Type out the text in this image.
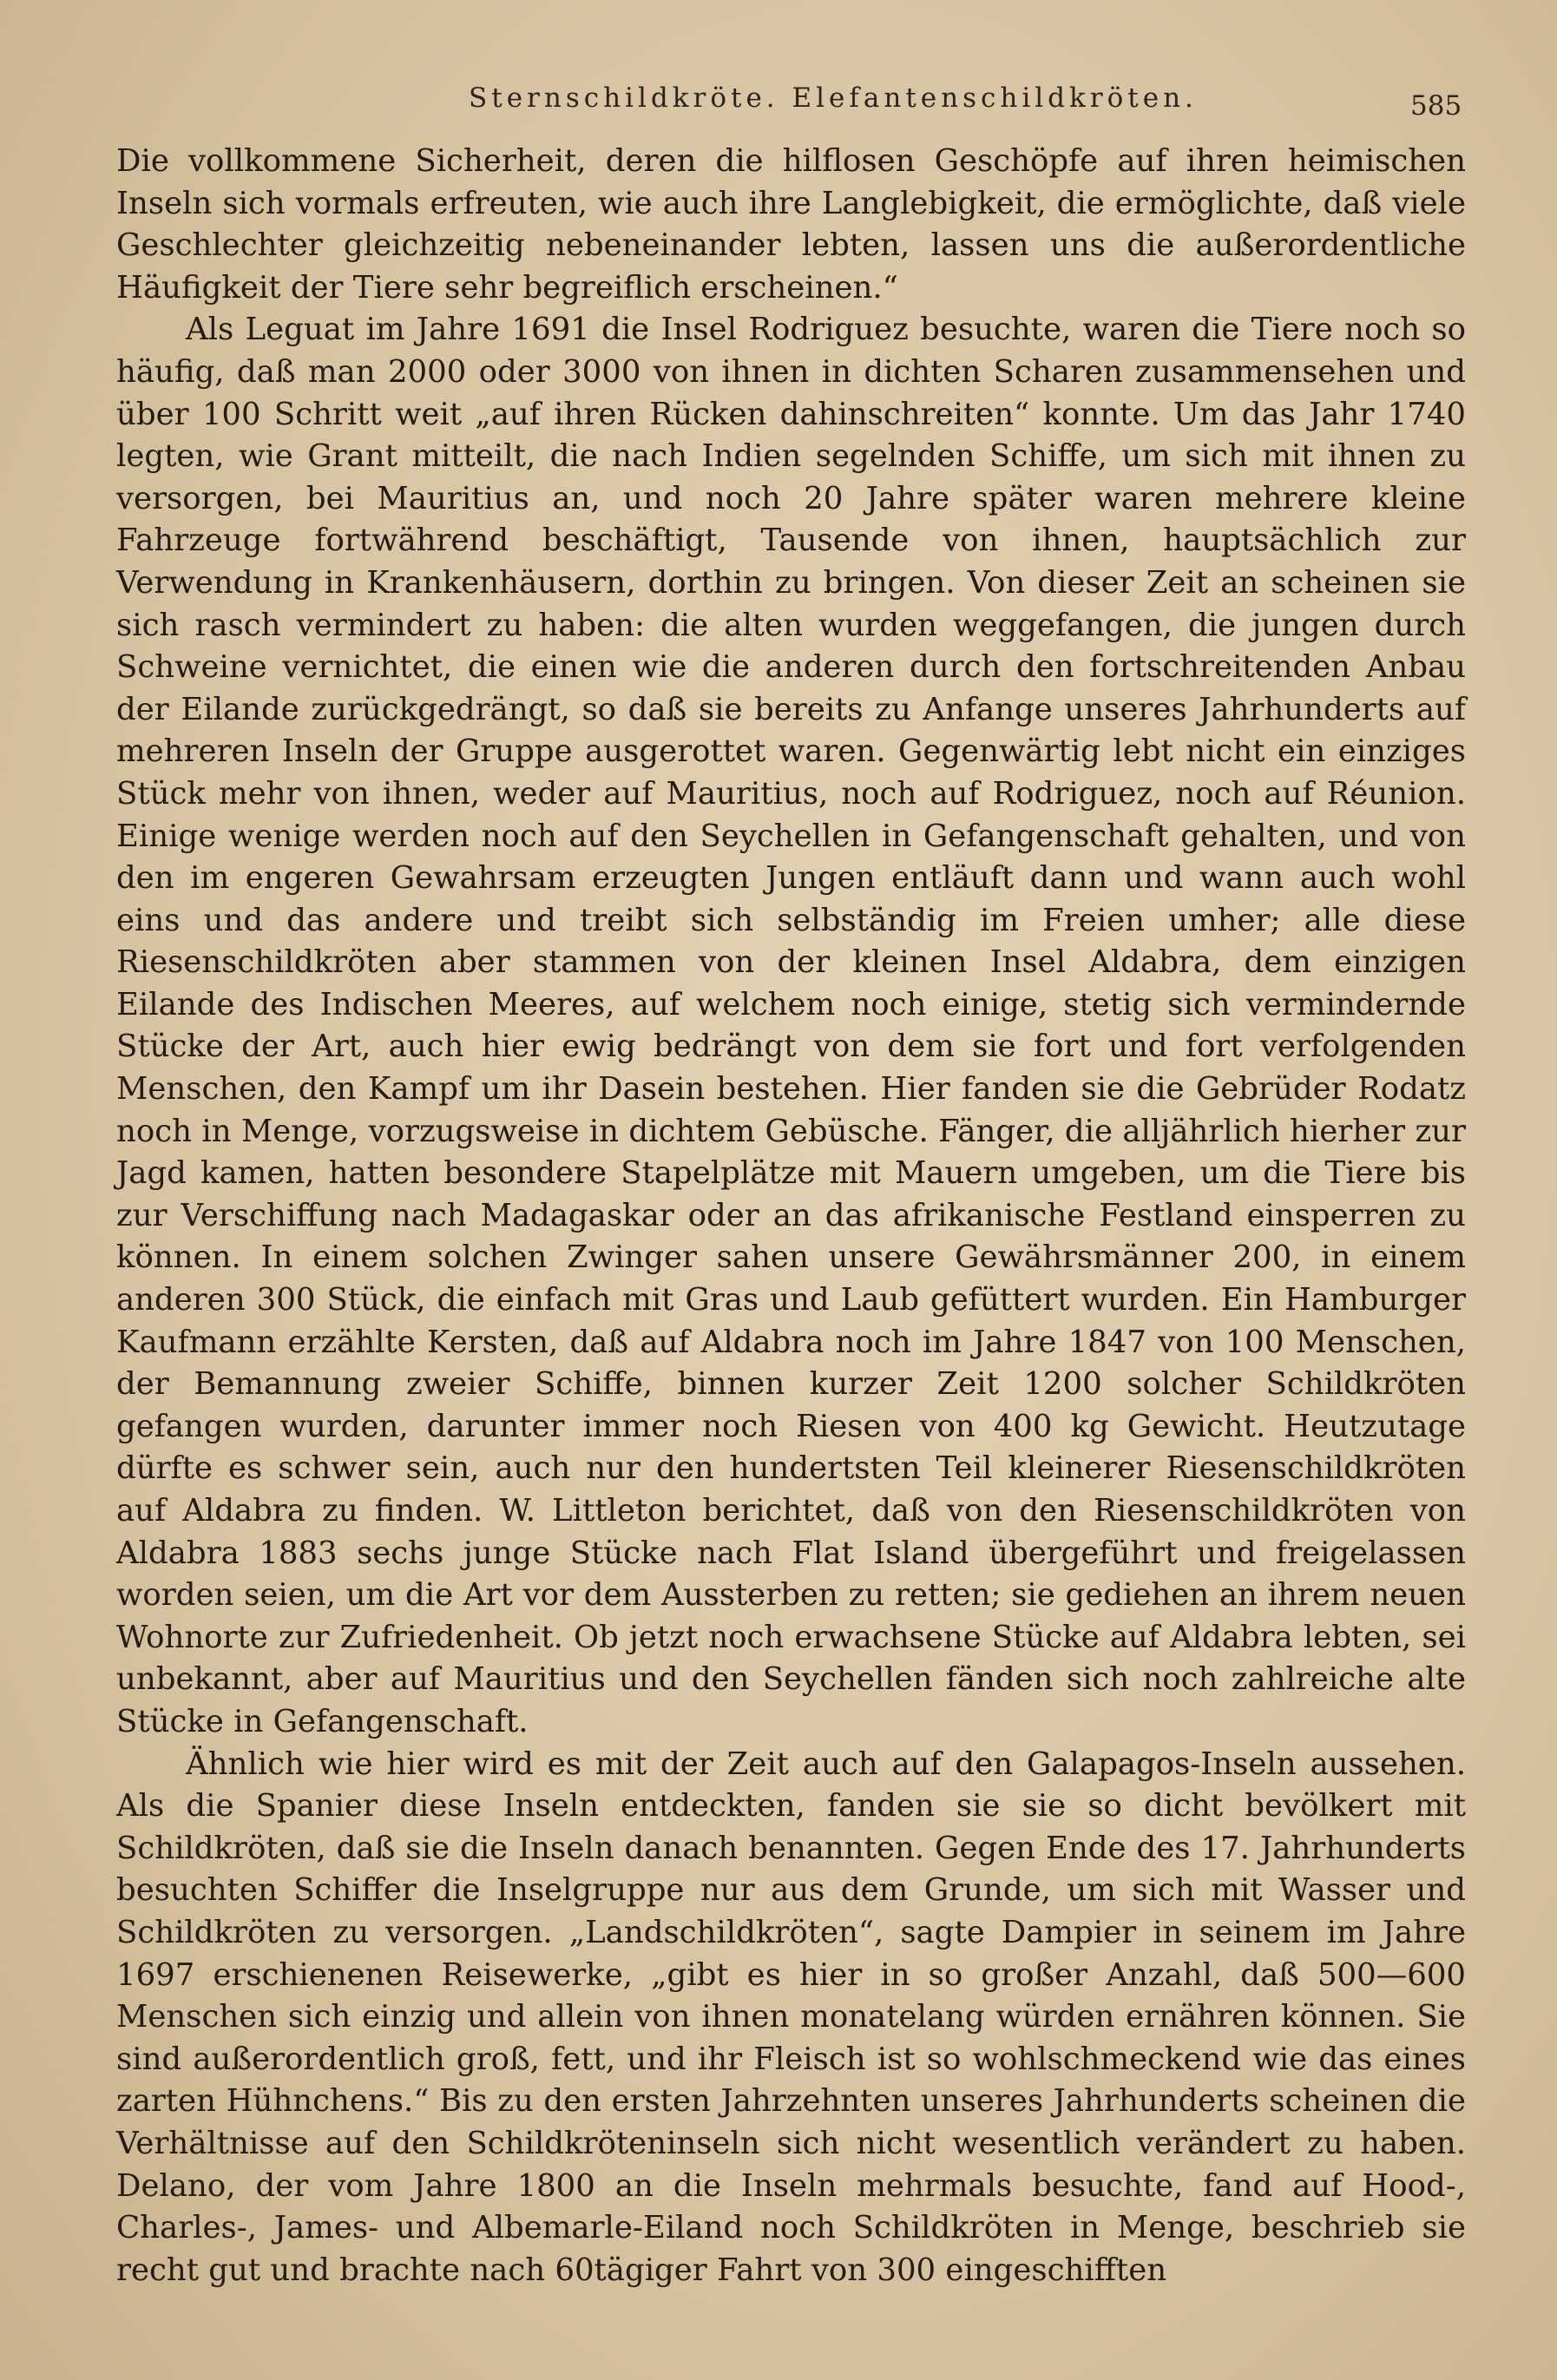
Sternschildkröte. Elefantenschildkröten.	585

Die vollkommene Sicherheit, deren die hilflosen Geschöpfe auf ihren heimischen Inseln sich vormals erfreuten, wie auch ihre Langlebigkeit, die ermöglichte, daß viele Geschlechter gleichzeitig nebeneinander lebten, lassen uns die außerordentliche Häufigkeit der Tiere sehr begreiflich erscheinen.“

Als Leguat im Jahre 1691 die Insel Rodriguez besuchte, waren die Tiere noch so häufig, daß man 2000 oder 3000 von ihnen in dichten Scharen zusammensehen und über 100 Schritt weit „auf ihren Rücken dahinschreiten“ konnte. Um das Jahr 1740 legten, wie Grant mitteilt, die nach Indien segelnden Schiffe, um sich mit ihnen zu versorgen, bei Mauritius an, und noch 20 Jahre später waren mehrere kleine Fahrzeuge fortwährend beschäftigt, Tausende von ihnen, hauptsächlich zur Verwendung in Krankenhäusern, dorthin zu bringen. Von dieser Zeit an scheinen sie sich rasch vermindert zu haben: die alten wurden weggefangen, die jungen durch Schweine vernichtet, die einen wie die anderen durch den fortschreitenden Anbau der Eilande zurückgedrängt, so daß sie bereits zu Anfange unseres Jahrhunderts auf mehreren Inseln der Gruppe ausgerottet waren. Gegenwärtig lebt nicht ein einziges Stück mehr von ihnen, weder auf Mauritius, noch auf Rodriguez, noch auf Réunion. Einige wenige werden noch auf den Seychellen in Gefangenschaft gehalten, und von den im engeren Gewahrsam erzeugten Jungen entläuft dann und wann auch wohl eins und das andere und treibt sich selbständig im Freien umher; alle diese Riesenschildkröten aber stammen von der kleinen Insel Aldabra, dem einzigen Eilande des Indischen Meeres, auf welchem noch einige, stetig sich vermindernde Stücke der Art, auch hier ewig bedrängt von dem sie fort und fort verfolgenden Menschen, den Kampf um ihr Dasein bestehen. Hier fanden sie die Gebrüder Rodatz noch in Menge, vorzugsweise in dichtem Gebüsche. Fänger, die alljährlich hierher zur Jagd kamen, hatten besondere Stapelplätze mit Mauern umgeben, um die Tiere bis zur Verschiffung nach Madagaskar oder an das afrikanische Festland einsperren zu können. In einem solchen Zwinger sahen unsere Gewährsmänner 200, in einem anderen 300 Stück, die einfach mit Gras und Laub gefüttert wurden. Ein Hamburger Kaufmann erzählte Kersten, daß auf Aldabra noch im Jahre 1847 von 100 Menschen, der Bemannung zweier Schiffe, binnen kurzer Zeit 1200 solcher Schildkröten gefangen wurden, darunter immer noch Riesen von 400 kg Gewicht. Heutzutage dürfte es schwer sein, auch nur den hundertsten Teil kleinerer Riesenschildkröten auf Aldabra zu finden. W. Littleton berichtet, daß von den Riesenschildkröten von Aldabra 1883 sechs junge Stücke nach Flat Island übergeführt und freigelassen worden seien, um die Art vor dem Aussterben zu retten; sie gediehen an ihrem neuen Wohnorte zur Zufriedenheit. Ob jetzt noch erwachsene Stücke auf Aldabra lebten, sei unbekannt, aber auf Mauritius und den Seychellen fänden sich noch zahlreiche alte Stücke in Gefangenschaft.

Ähnlich wie hier wird es mit der Zeit auch auf den Galapagos-Inseln aussehen. Als die Spanier diese Inseln entdeckten, fanden sie sie so dicht bevölkert mit Schildkröten, daß sie die Inseln danach benannten. Gegen Ende des 17. Jahrhunderts besuchten Schiffer die Inselgruppe nur aus dem Grunde, um sich mit Wasser und Schildkröten zu versorgen. „Landschildkröten“, sagte Dampier in seinem im Jahre 1697 erschienenen Reisewerke, „gibt es hier in so großer Anzahl, daß 500—600 Menschen sich einzig und allein von ihnen monatelang würden ernähren können. Sie sind außerordentlich groß, fett, und ihr Fleisch ist so wohlschmeckend wie das eines zarten Hühnchens.“ Bis zu den ersten Jahrzehnten unseres Jahrhunderts scheinen die Verhältnisse auf den Schildkröteninseln sich nicht wesentlich verändert zu haben. Delano, der vom Jahre 1800 an die Inseln mehrmals besuchte, fand auf Hood-, Charles-, James- und Albemarle-Eiland noch Schildkröten in Menge, beschrieb sie recht gut und brachte nach 60tägiger Fahrt von 300 eingeschifften
